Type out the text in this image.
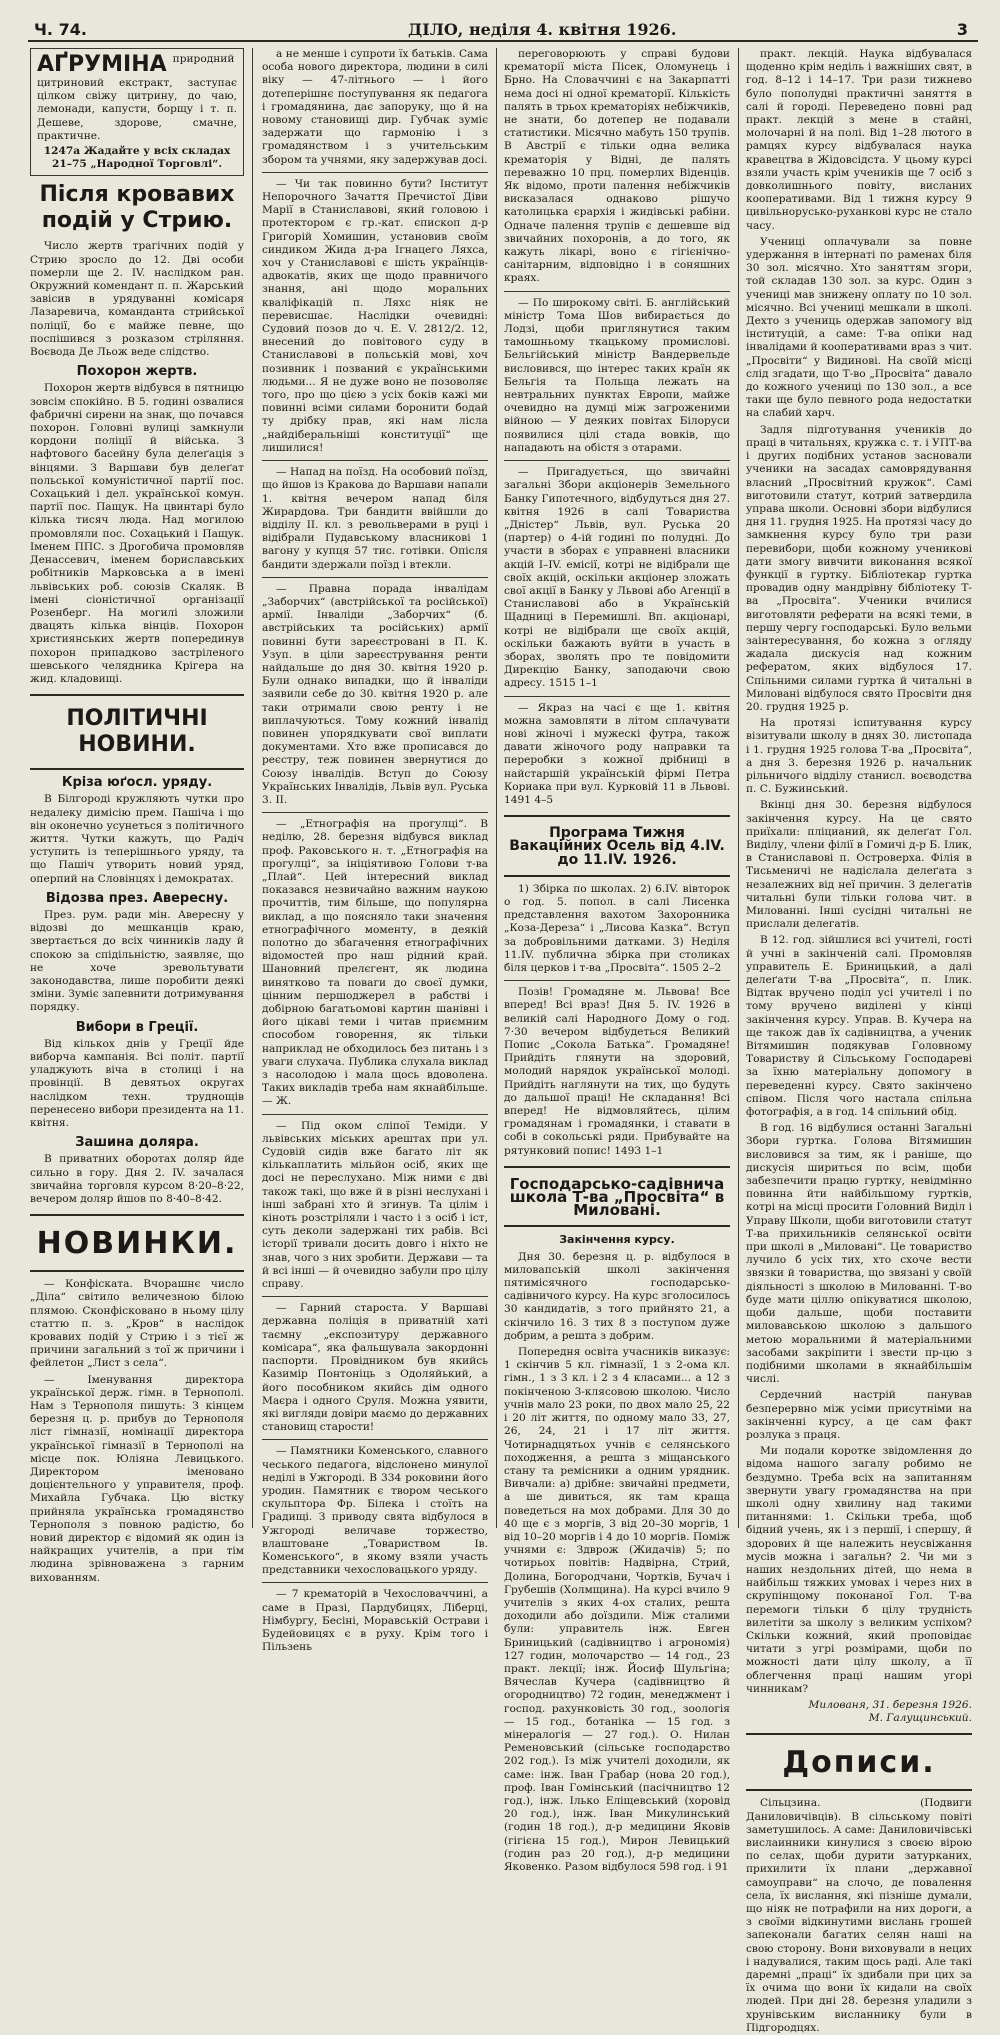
Ч. 74.	ДІЛО, неділя 4. квітня 1926.	3
АҐРУМІНА природний цитриновий екстракт, заступає цілком свіжу цитрину, до чаю, лемонади, капусти, борщу і т. п. Дешеве, здорове, смачне, практичне.
1247а Жадайте у всіх складах 21–75 „Народної Торговлі“.
Після кровавих подій у Стрию.

Число жертв трагічних подій у Стрию зросло до 12. Дві особи померли ще 2. IV. наслідком ран. Окружний комендант п. п. Жарський завісив в урядуванні комісаря Лазаревича, команданта стрийської поліції, бо є майже певне, що поспішився з розказом стріляння. Воєвода Де Льож веде слідство.

Похорон жертв.

Похорон жертв відбувся в пятницю зовсім спокійно. В 5. годині озвалися фабричні сирени на знак, що почався похорон. Головні вулиці замкнули кордони поліції й війська. З нафтового басейну була делеґація з вінцями. З Варшави був делеґат польської комуністичної партії пос. Сохацький і дел. української комун. партії пос. Пащук. На цвинтарі було кілька тисяч люда. Над могилою промовляли пос. Сохацький і Пащук. Іменем ППС. з Дрогобича промовляв Денассевич, іменем бориславських робітників Марковська а в імені львівських роб. союзів Скаляк. В імені сіоністичної організації Розенберг. На могилі зложили двацять кілька вінців. Похорон християнських жертв поперединув похорон припадково застріленого шевського челядника Крігера на жид. кладовищі.

ПОЛІТИЧНІ НОВИНИ.
Кріза юґосл. уряду.

В Білгороді кружляють чутки про недалеку димісію прем. Пашіча і що він оконечно усунеться з політичного життя. Чутки кажуть, що Радіч уступить із теперішнього уряду, та що Пашіч утворить новий уряд, оперпий на Словінцях і демократах.

Відозва през. Авересну.

През. рум. ради мін. Авересну у відозві до мешканців краю, звертається до всіх чинників ладу й спокою за спідільністю, заявляє, що не хоче зревольтувати законодавства, лише поробити деякі зміни. Зуміє запевнити дотримування порядку.

Вибори в Греції.

Від кількох днів у Греції йде виборча кампанія. Всі політ. партії уладжують віча в столиці і на провінції. В девятьох округах наслідком техн. труднощів перенесено вибори президента на 11. квітня.

Зашина доляра.

В приватних оборотах доляр йде сильно в гору. Дня 2. IV. зачалася звичайна торговля курсом 8·20–8·22, вечером доляр йшов по 8·40–8·42.

НОВИНКИ.

— Конфіската. Вчорашнє число „Діла“ світило величезною білою плямою. Сконфісковано в ньому цілу статтю п. з. „Кров“ в наслідок кровавих подій у Стрию і з тієї ж причини загальний з тої ж причини і фейлетон „Лист з села“.

— Іменування директора української держ. гімн. в Тернополі. Нам з Тернополя пишуть: З кінцем березня ц. р. прибув до Тернополя ліст гімназії, номінації директора української гімназії в Тернополі на місце пок. Юліяна Левицького. Директором іменовано доцієнтельного у управителя, проф. Михайла Губчака. Цю вістку прийняла українська громадянство Тернополя з повною радістю, бо новий директор є відомий як один із найкращих учителів, а при тім людина зрівноважена з гарним вихованням.

а не менше і супроти їх батьків. Сама особа нового директора, людини в силі віку — 47-літнього — і його дотеперішнє поступування як педагога і громадянина, дає запоруку, що й на новому становищі дир. Губчак зуміє задержати що гармонію і з громадянством і з учительським збором та учнями, яку задержував досі.

— Чи так повинно бути? Інститут Непорочного Зачаття Пречистої Діви Марії в Станиславові, який головою і протектором є гр.-кат. єпископ д-р Григорій Хомишин, установив своїм синдиком Жида д-ра Ігнацего Ляхса, хоч у Станиславові є шість українців-адвокатів, яких ще щодо правничого знання, ані щодо моральних кваліфікацій п. Ляхс ніяк не перевисшає. Наслідки очевидні: Судовий позов до ч. Е. V. 2812/2. 12, внесений до повітового суду в Станиславові в польській мові, хоч позивник і позваний є українськими людьми... Я не дуже воно не позоволяє того, про що цією з усіх боків кажі ми повинні всіми силами боронити бодай ту дрібку прав, які нам лісла „найдіберальніші конституції“ ще лишилися!

— Напад на поїзд. На особовий поїзд, що йшов із Кракова до Варшави напали 1. квітня вечером напад біля Жирардова. Три бандити ввійшли до відділу II. кл. з револьверами в руці і відібрали Пудавському власникові 1 вагону у купця 57 тис. готівки. Опісля бандити здержали поїзд і втекли.

— Правна порада інвалідам „Заборчих“ (австрійської та російської) армії. Інваліди „Заборчих“ (б. австрійських та російських) армії повинні бути зареєстровані в П. К. Узуп. в ціли зареєстрування ренти найдальше до дня 30. квітня 1920 р. Були однако випадки, що й інваліди заявили себе до 30. квітня 1920 р. але таки отримали свою ренту і не виплачуються. Тому кожний інвалід повинен упорядкувати свої виплати документами. Хто вже прописався до реєстру, теж повинен звернутися до Союзу інвалідів. Вступ до Союзу Українських Інвалідів, Львів вул. Руська 3. II.

— „Етнографія на прогулці“. В неділю, 28. березня відбувся виклад проф. Раковського н. т. „Етнографія на прогулці“, за ініціятивою Голови т-ва „Плай“. Цей інтересний виклад показався незвичайно важним наукою прочиттів, тим більше, що популярна виклад, а що поясняло таки значення етнографічного моменту, в деякій полотно до збагачення етнографічних відомостей про наш рідний край. Шановний прелєгент, як людина винятково та поваги до своєї думки, цінним першоджерел в рабстві і добірною багатьомові картин шанівні і його цікаві теми і читав приємним способом говорення, як тільки наприклад не обходилось без питань і з уваги слухача. Публика слухала виклад з насолодою і мала щось вдоволена. Таких викладів треба нам якнайбільше. — Ж.

— Під оком сліпої Теміди. У львівських міських арештах при ул. Судовій сидів вже багато літ як кількаплатить мільйон осіб, яких ще досі не переслухано. Між ними є дві також такі, що вже й в різні неслухані і інші забрані хто й згинув. Та цілім і кіноть розстріляли і часто і з осіб і іст, суть деколи задержані тих рабів. Всі історії тривали досить довго і ніхто не знав, чого з них зробити. Держави — та й всі інші — й очевидно забули про цілу справу.

— Гарний староста. У Варшаві державна поліція в приватній хаті таємну „експозитуру державного комісара“, яка фальшувала закордонні паспорти. Провідником був якийсь Казимір Понтоніць з Одоляйький, а його пособником якийсь дім одного Маєра і одного Сруля. Можна уявити, які вигляди довіри маємо до державних становищ старости!

— Памятники Коменського, славного чеського педагога, відслонено минулої неділі в Ужгороді. В 334 роковини його уродин. Памятник є твором чеського скульптора Фр. Білека і стоїть на Градищі. З приводу свята відбулося в Ужгороді величаве торжество, влаштоване „Товариством Ів. Коменського“, в якому взяли участь представники чехословацького уряду.

— 7 крематорій в Чехословаччині, а саме в Празі, Пардубицях, Ліберці, Німбургу, Бесіні, Моравській Острави і Будейовицях є в руху. Крім того і Пільзень

переговорюють у справі будови крематорії міста Пісек, Оломунець і Брно. На Словаччині є на Закарпатті нема досі ні одної крематорії. Кількість палять в трьох крематоріях небіжчиків, не знати, бо дотепер не подавали статистики. Місячно мабуть 150 трупів. В Австрії є тільки одна велика крематорія у Відні, де палять переважно 10 прц. померлих Віденців. Як відомо, проти палення небіжчиків висказалася однаково рішучо католицька єрархія і жидівські рабіни. Одначе палення трупів є дешевше від звичайних похоронів, а до того, як кажуть лікарі, воно є гігієнічно-санітарним, відповідно і в соняшних краях.

— По широкому світі. Б. англійський міністр Тома Шов вибирається до Лодзі, щоби приглянутися таким тамошньому ткацькому промислові. Бельгійський міністр Вандервельде висловився, що інтерес таких країн як Бельгія та Польща лежать на невтральних пунктах Европи, майже очевидно на думці між загроженими війною — У деяких повітах Білоруси появилися цілі стада вовків, що нападають на обістя з отарами.

— Пригадується, що звичайні загальні Збори акціонерів Земельного Банку Гипотечного, відбудуться дня 27. квітня 1926 в салі Товариства „Дністер“ Львів, вул. Руська 20 (партер) о 4-ій годині по полудні. До участи в зборах є управнені власники акцій І–IV. емісії, котрі не відібрали ще своїх акцій, оскільки акціонер зложать свої акції в Банку у Львові або Агенції в Станиславові або в Українській Щадниці в Перемишлі. Вп. акціонарі, котрі не відібрали ще своїх акцій, оскільки бажають вуйти в участь в зборах, зволять про те повідомити Дирекцію Банку, заподаючи свою адресу. 1515 1–1

— Якраз на часі є ще 1. квітня можна замовляти в літом сплачувати нові жіночі і мужескі футра, також давати жіночого роду направки та переробки з кожної дрібниці в найстаршій українській фірмі Петра Кориака при вул. Курковій 11 в Львові. 1491 4–5

Програма Тижня Вакаційних Осель від 4.IV. до 11.IV. 1926.

1) Збірка по школах. 2) 6.IV. вівторок о год. 5. попол. в салі Лисенка представлення вахотом Захоронника „Коза-Дереза“ і „Лисова Казка“. Вступ за добровільними датками. 3) Неділя 11.IV. публична збірка при столиках біля церков і т-ва „Просвіта“. 1505 2–2

Позів! Громадяне м. Львова! Все вперед! Всі враз! Дня 5. IV. 1926 в великій салі Народного Дому о год. 7·30 вечером відбудеться Великий Попис „Сокола Батька“. Громадяне! Прийдіть глянути на здоровий, молодий нарядок української молоді. Прийдіть наглянути на тих, що будуть до дальшої праці! Не складання! Всі вперед! Не відмовляйтесь, цілим громадянам і громадянки, і ставати в собі в сокольські ряди. Прибувайте на рятунковий попис! 1493 1–1

Господарсько-садівнича школа Т-ва „Просвіта“ в Миловані.
Закінчення курсу.

Дня 30. березня ц. р. відбулося в миловапській школі закінчення пятимісячного господарсько-садівничого курсу. На курс зголосилось 30 кандидатів, з того прийнято 21, а скінчило 16. З тих 8 з поступом дуже добрим, а решта з добрим.

Попередня освіта учасників виказує: 1 скінчив 5 кл. гімназії, 1 з 2-ома кл. гімн., 1 з 3 кл. і 2 з 4 класами... а 12 з покінченою 3-клясовою школою. Число учнів мало 23 роки, по двох мало 25, 22 і 20 літ життя, по одному мало 33, 27, 26, 24, 21 і 17 літ життя. Чотирнадцятьох учнів є селянського походження, а решта з міщанського стану та ремісники а одним урядник. Вивчали: а) дрібне: звичайні предмети, а ше дивиться, як там краща поведеться на мох добрами. Для 30 до 40 ще є з моргів, 3 від 20–30 моргів, 1 від 10–20 моргів і 4 до 10 моргів. Поміж учнями є: Здврож (Жидачів) 5; по чотирьох повітів: Надвірна, Стрий, Долина, Богородчани, Чортків, Бучач і Грубешів (Холмщина). На курсі вчило 9 учителів з яких 4-ох сталих, решта доходили або доїздили. Між сталими були: управитель інж. Евген Бриницький (садівництво і агрономія) 127 годин, молочарство — 14 год., 23 практ. лекції; інж. Йосиф Шульгіна; Вячеслав Кучера (садівництво й огородництво) 72 годин, менеджмент і господ. рахунковість 30 год., зоологія — 15 год., ботаніка — 15 год. з мінералогія — 27 год.). О. Нилан Ременовський (сільське господарство 202 год.). Із між учителі доходили, як саме: інж. Іван Грабар (нова 20 год.), проф. Іван Гомінський (пасічництво 12 год.), інж. Ілько Еліщевський (хоровід 20 год.), інж. Іван Микулинський (годин 18 год.), д-р медицини Яковів (гігієна 15 год.), Мирон Левицький (годин раз 20 год.), д-р медицини Яковенко. Разом відбулося 598 год. і 91

практ. лекцій. Наука відбувалася щоденно крім неділь і важніших свят, в год. 8–12 і 14–17. Три рази тижнево було пополудні практичні заняття в салі й городі. Переведено повні рад практ. лекцій з мене в стайні, молочарні й на полі. Від 1–28 лютого в рамцях курсу відбувалася наука кравецтва в Жідовсідста. У цьому курсі взяли участь крім учеників ще 7 осіб з довколишнього повіту, висланих кооперативами. Від 1 тижня курсу 9 цивільнорусько-руханкові курс не стало часу.

Учениці оплачували за повне удержання в інтернаті по раменах біля 30 зол. місячно. Хто заняттям згори, той складав 130 зол. за курс. Один з учениці мав знижену оплату по 10 зол. місячно. Всі учениці мешкали в школі. Дехто з учениць одержав запомогу від інституцій, а саме: Т-ва опіки над інвалідами й кооперативами враз з чит. „Просвіти“ у Видинові. На своїй місці слід згадати, що Т-во „Просвіта“ давало до кожного учениці по 130 зол., а все таки ще було певного рода недостатки на слабий харч.

Задля підготування учеників до праці в читальнях, кружка с. т. і УПТ-ва і других подібних установ засновали ученики на засадах самоврядування власний „Просвітний кружок“. Самі виготовили статут, котрий затвердила управа школи. Основні збори відбулися дня 11. грудня 1925. На протязі часу до замкнення курсу було три рази перевибори, щоби кожному ученикові дати змогу вивчити виконання всякої функції в гуртку. Бібліотекар гуртка провадив одну мандрівну бібліотеку Т-ва „Просвіта“. Ученики вчилися виготовляти реферати на всякі теми, в першу чергу господарські. Було вельми заінтересування, бо кожна з огляду жадала дискусія над кожним рефератом, яких відбулося 17. Спільними силами гуртка й читальні в Миловані відбулося свято Просвіти дня 20. грудня 1925 р.

На протязі іспитування курсу візитували школу в днях 30. листопада і 1. грудня 1925 голова Т-ва „Просвіта“, а дня 3. березня 1926 р. начальник рільничого відділу станисл. воєводства п. С. Бужинський.

Вкінці дня 30. березня відбулося закінчення курсу. На це свято приїхали: пліцианий, як делеґат Гол. Виділу, члени філії в Гомичі д-р Б. Ілик, в Станиславові п. Островерха. Філія в Тисьменичі не надіслала делеґата з незалежних від неї причин. З делегатів читальні були тільки голова чит. в Милованні. Інші сусідні читальні не прислали делегатів.

В 12. год. зійшлися всі учителі, гості й учні в закінченій салі. Промовляв управитель Е. Бриницький, а далі делеґати Т-ва „Просвіта“, п. Ілик. Відтак вручено поділ усі учителі і по тому вручено виділені у кінці закінчення курсу. Управ. В. Кучера на ще також дав їх садівництва, а ученик Вітямишин подякував Головному Товариству й Сільському Господареві за їхню матеріальну допомогу в переведенні курсу. Свято закінчено співом. Після чого настала спільна фотографія, а в год. 14 спільний обід.

В год. 16 відбулися останні Загальні Збори гуртка. Голова Вітямишин висловився за тим, як і раніше, що дискусія шириться по всім, щоби забезпечити працю гуртку, невідмінно повинна йти найбільшому гуртків, котрі на місці просити Головний Виділ і Управу Школи, щоби виготовили статут Т-ва прихильників селянської освіти при школі в „Миловані“. Це товариство лучило б усіх тих, хто схоче вести звязки й товариства, що звязані у своїй діяльності з школою в Милованні. Т-во буде мати ціллю опікуватися школою, щоби дальше, щоби поставити миловавською школою з дальшого метою моральними й матеріальними засобами закріпити і звести пр-цю з подібними школами в якнайбільшім числі.

Сердечний настрій панував безперервно між усіми присутніми на закінченні курсу, а це сам факт розлука з праця.

Ми подали коротке звідомлення до відома нашого загалу робимо не бездумно. Треба всіх на запитанням звернути увагу громадянства на при школі одну хвилину над такими питаннями: 1. Скільки треба, щоб бідний учень, як і з першії, і спершу, й здорових й ще належить неусвіжання мусів можна і загальн? 2. Чи ми з наших нездольних дітей, що нема в найбільш тяжких умовах і через них в скрупінщому поконаної Гол. Т-ва перемоги тільки б цілу трудність вилетіти за школу з великим успіхом? Скільки кожний, який проповідає читати з угрі розмірами, щоби по можності дати цілу школу, а її облегчення праці нашим угорі чинникам?

Милованя, 31. березня 1926.
М. Галущинський.
Дописи.

Сільцзина. (Подвиги Даниловичівців). В сільському повіті заметушилось. А саме: Даниловичівські вислаинники кинулися з своєю вірою по селах, щоби дурити затурканих, прихилити їх плани „державної самоуправи“ на слочо, де повалення села, їх вислання, які пізніше думали, що ніяк не потрафили на них дороги, а з своїми відкинутими вислань грошей запеконали багатих селян наші на свою сторону. Вони виховували в нецих і надувалися, таким щось раді. Але такі даремні „праці“ їх здибали при цих за їх очима що вони їх кидали на своїх людей. При дні 28. березня уладили з хрунівським висланнику були в Підгородцях.
